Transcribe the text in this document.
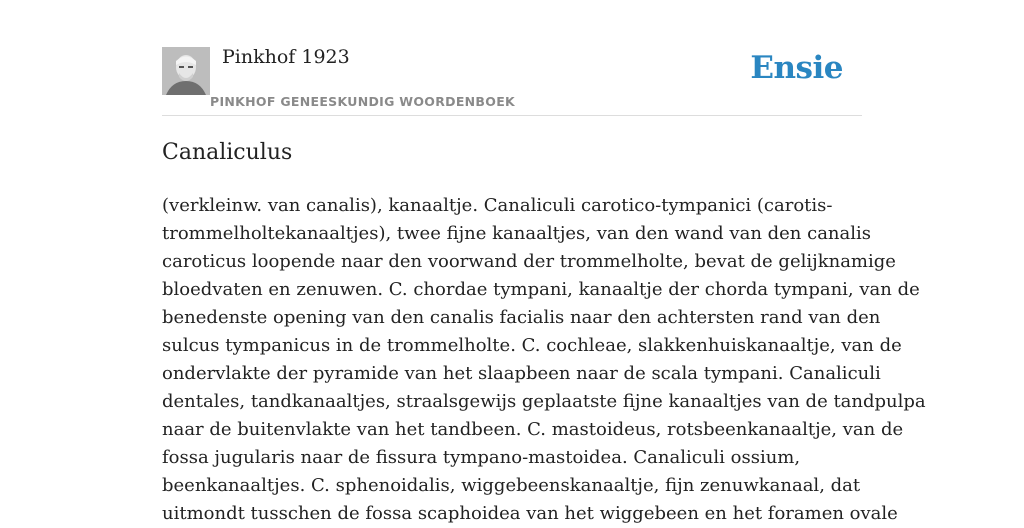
Pinkhof 1923
PINKHOF GENEESKUNDIG WOORDENBOEK
Ensie
Canaliculus

(verkleinw. van canalis), kanaaltje. Canaliculi carotico-tympanici (carotis-
trommelholtekanaaltjes), twee fijne kanaaltjes, van den wand van den canalis
caroticus loopende naar den voorwand der trommelholte, bevat de gelijknamige
bloedvaten en zenuwen. C. chordae tympani, kanaaltje der chorda tympani, van de
benedenste opening van den canalis facialis naar den achtersten rand van den
sulcus tympanicus in de trommelholte. C. cochleae, slakkenhuiskanaaltje, van de
ondervlakte der pyramide van het slaapbeen naar de scala tympani. Canaliculi
dentales, tandkanaaltjes, straalsgewijs geplaatste fijne kanaaltjes van de tandpulpa
naar de buitenvlakte van het tandbeen. C. mastoideus, rotsbeenkanaaltje, van de
fossa jugularis naar de fissura tympano-mastoidea. Canaliculi ossium,
beenkanaaltjes. C. sphenoidalis, wiggebeenskanaaltje, fijn zenuwkanaal, dat
uitmondt tusschen de fossa scaphoidea van het wiggebeen en het foramen ovale
